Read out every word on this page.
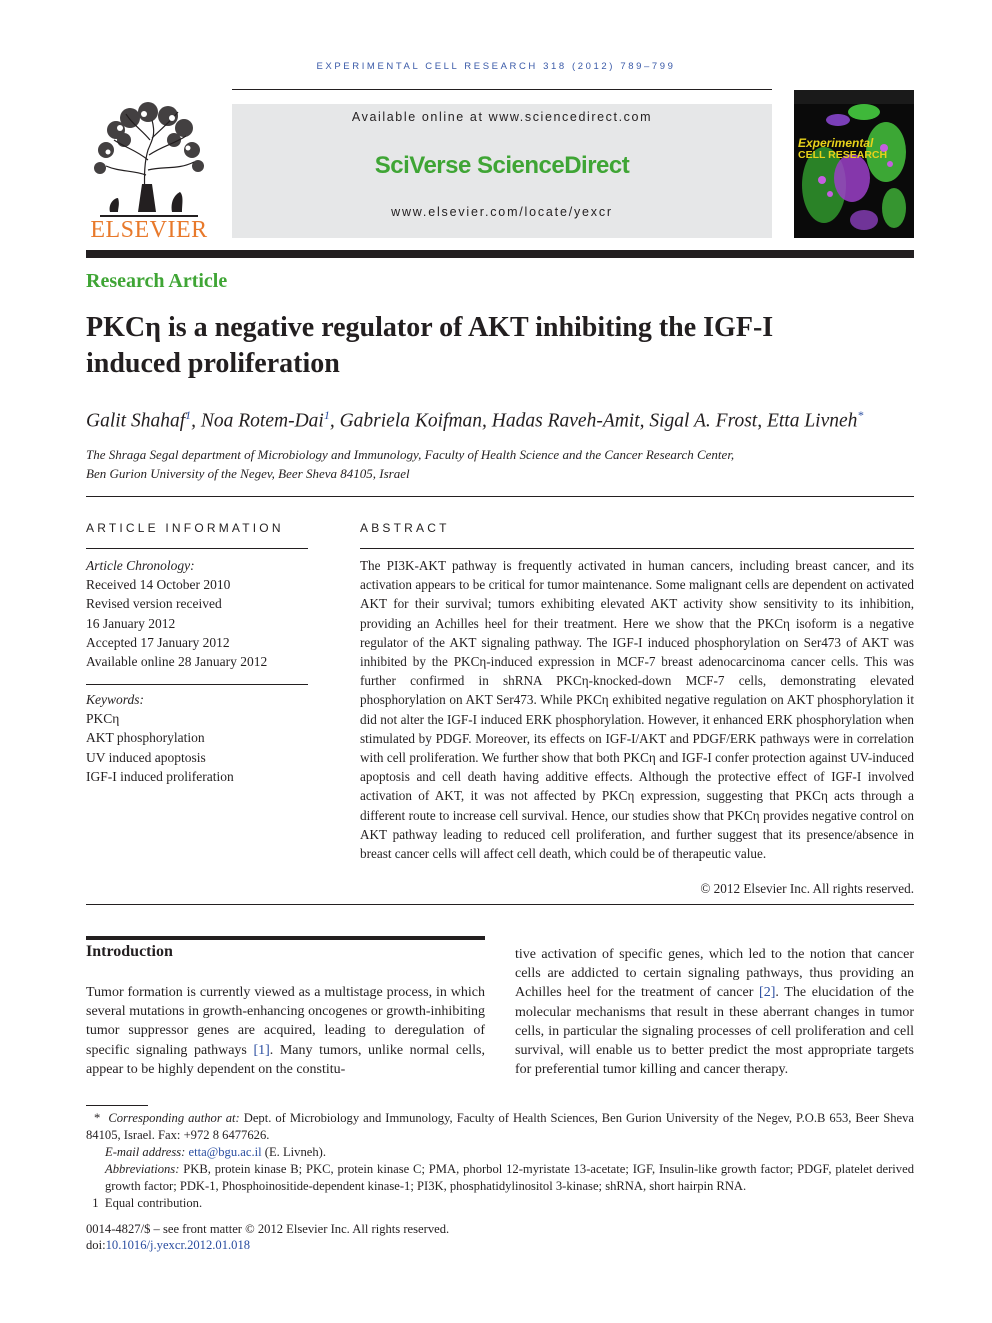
EXPERIMENTAL CELL RESEARCH 318 (2012) 789–799
ELSEVIER
Available online at www.sciencedirect.com
SciVerse ScienceDirect
www.elsevier.com/locate/yexcr
Experimental
CELL RESEARCH
Research Article
PKCη is a negative regulator of AKT inhibiting the IGF-I
induced proliferation
Galit Shahaf$^1$, Noa Rotem-Dai$^1$, Gabriela Koifman, Hadas Raveh-Amit, Sigal A. Frost, Etta Livneh*
The Shraga Segal department of Microbiology and Immunology, Faculty of Health Science and the Cancer Research Center,
Ben Gurion University of the Negev, Beer Sheva 84105, Israel
ARTICLE INFORMATION
Article Chronology:
Received 14 October 2010
Revised version received
16 January 2012
Accepted 17 January 2012
Available online 28 January 2012
Keywords:
PKCη
AKT phosphorylation
UV induced apoptosis
IGF-I induced proliferation
ABSTRACT
The PI3K-AKT pathway is frequently activated in human cancers, including breast cancer, and its activation appears to be critical for tumor maintenance. Some malignant cells are dependent on activated AKT for their survival; tumors exhibiting elevated AKT activity show sensitivity to its inhibition, providing an Achilles heel for their treatment. Here we show that the PKCη isoform is a negative regulator of the AKT signaling pathway. The IGF-I induced phosphorylation on Ser473 of AKT was inhibited by the PKCη-induced expression in MCF-7 breast adenocarcinoma cancer cells. This was further confirmed in shRNA PKCη-knocked-down MCF-7 cells, demonstrating elevated phosphorylation on AKT Ser473. While PKCη exhibited negative regulation on AKT phosphorylation it did not alter the IGF-I induced ERK phosphorylation. However, it enhanced ERK phosphorylation when stimulated by PDGF. Moreover, its effects on IGF-I/AKT and PDGF/ERK pathways were in correlation with cell proliferation. We further show that both PKCη and IGF-I confer protection against UV-induced apoptosis and cell death having additive effects. Although the protective effect of IGF-I involved activation of AKT, it was not affected by PKCη expression, suggesting that PKCη acts through a different route to increase cell survival. Hence, our studies show that PKCη provides negative control on AKT pathway leading to reduced cell proliferation, and further suggest that its presence/absence in breast cancer cells will affect cell death, which could be of therapeutic value.
© 2012 Elsevier Inc. All rights reserved.
Introduction
Tumor formation is currently viewed as a multistage process, in which several mutations in growth-enhancing oncogenes or growth-inhibiting tumor suppressor genes are acquired, leading to deregulation of specific signaling pathways [1]. Many tumors, unlike normal cells, appear to be highly dependent on the constitu-
tive activation of specific genes, which led to the notion that cancer cells are addicted to certain signaling pathways, thus providing an Achilles heel for the treatment of cancer [2]. The elucidation of the molecular mechanisms that result in these aberrant changes in tumor cells, in particular the signaling processes of cell proliferation and cell survival, will enable us to better predict the most appropriate targets for preferential tumor killing and cancer therapy.
* Corresponding author at: Dept. of Microbiology and Immunology, Faculty of Health Sciences, Ben Gurion University of the Negev, P.O.B 653, Beer Sheva 84105, Israel. Fax: +972 8 6477626.
E-mail address: etta@bgu.ac.il (E. Livneh).
Abbreviations: PKB, protein kinase B; PKC, protein kinase C; PMA, phorbol 12-myristate 13-acetate; IGF, Insulin-like growth factor; PDGF, platelet derived growth factor; PDK-1, Phosphoinositide-dependent kinase-1; PI3K, phosphatidylinositol 3-kinase; shRNA, short hairpin RNA.
1 Equal contribution.
0014-4827/$ – see front matter © 2012 Elsevier Inc. All rights reserved.
doi:10.1016/j.yexcr.2012.01.018
